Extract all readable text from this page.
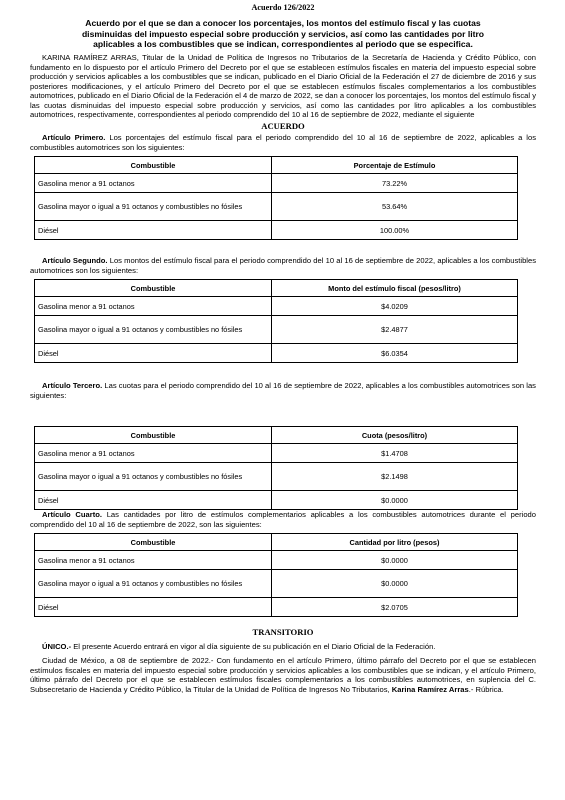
Acuerdo 126/2022
Acuerdo por el que se dan a conocer los porcentajes, los montos del estímulo fiscal y las cuotas disminuidas del impuesto especial sobre producción y servicios, así como las cantidades por litro aplicables a los combustibles que se indican, correspondientes al periodo que se especifica.

KARINA RAMÍREZ ARRAS, Titular de la Unidad de Política de Ingresos no Tributarios de la Secretaría de Hacienda y Crédito Público, con fundamento en lo dispuesto por el artículo Primero del Decreto por el que se establecen estímulos fiscales en materia del impuesto especial sobre producción y servicios aplicables a los combustibles que se indican, publicado en el Diario Oficial de la Federación el 27 de diciembre de 2016 y sus posteriores modificaciones, y el artículo Primero del Decreto por el que se establecen estímulos fiscales complementarios a los combustibles automotrices, publicado en el Diario Oficial de la Federación el 4 de marzo de 2022, se dan a conocer los porcentajes, los montos del estímulo fiscal y las cuotas disminuidas del impuesto especial sobre producción y servicios, así como las cantidades por litro aplicables a los combustibles automotrices, respectivamente, correspondientes al periodo comprendido del 10 al 16 de septiembre de 2022, mediante el siguiente

ACUERDO

Artículo Primero. Los porcentajes del estímulo fiscal para el periodo comprendido del 10 al 16 de septiembre de 2022, aplicables a los combustibles automotrices son los siguientes:

Combustible	Porcentaje de Estímulo
Gasolina menor a 91 octanos	73.22%
Gasolina mayor o igual a 91 octanos y combustibles no fósiles	53.64%
Diésel	100.00%

Artículo Segundo. Los montos del estímulo fiscal para el periodo comprendido del 10 al 16 de septiembre de 2022, aplicables a los combustibles automotrices son los siguientes:

Combustible	Monto del estímulo fiscal (pesos/litro)
Gasolina menor a 91 octanos	$4.0209
Gasolina mayor o igual a 91 octanos y combustibles no fósiles	$2.4877
Diésel	$6.0354

Artículo Tercero. Las cuotas para el periodo comprendido del 10 al 16 de septiembre de 2022, aplicables a los combustibles automotrices son las siguientes:

Combustible	Cuota (pesos/litro)
Gasolina menor a 91 octanos	$1.4708
Gasolina mayor o igual a 91 octanos y combustibles no fósiles	$2.1498
Diésel	$0.0000

Artículo Cuarto. Las cantidades por litro de estímulos complementarios aplicables a los combustibles automotrices durante el periodo comprendido del 10 al 16 de septiembre de 2022, son las siguientes:

Combustible	Cantidad por litro (pesos)
Gasolina menor a 91 octanos	$0.0000
Gasolina mayor o igual a 91 octanos y combustibles no fósiles	$0.0000
Diésel	$2.0705
TRANSITORIO

ÚNICO.- El presente Acuerdo entrará en vigor al día siguiente de su publicación en el Diario Oficial de la Federación.

Ciudad de México, a 08 de septiembre de 2022.- Con fundamento en el artículo Primero, último párrafo del Decreto por el que se establecen estímulos fiscales en materia del impuesto especial sobre producción y servicios aplicables a los combustibles que se indican, y el artículo Primero, último párrafo del Decreto por el que se establecen estímulos fiscales complementarios a los combustibles automotrices, en suplencia del C. Subsecretario de Hacienda y Crédito Público, la Titular de la Unidad de Política de Ingresos No Tributarios, Karina Ramírez Arras.- Rúbrica.
